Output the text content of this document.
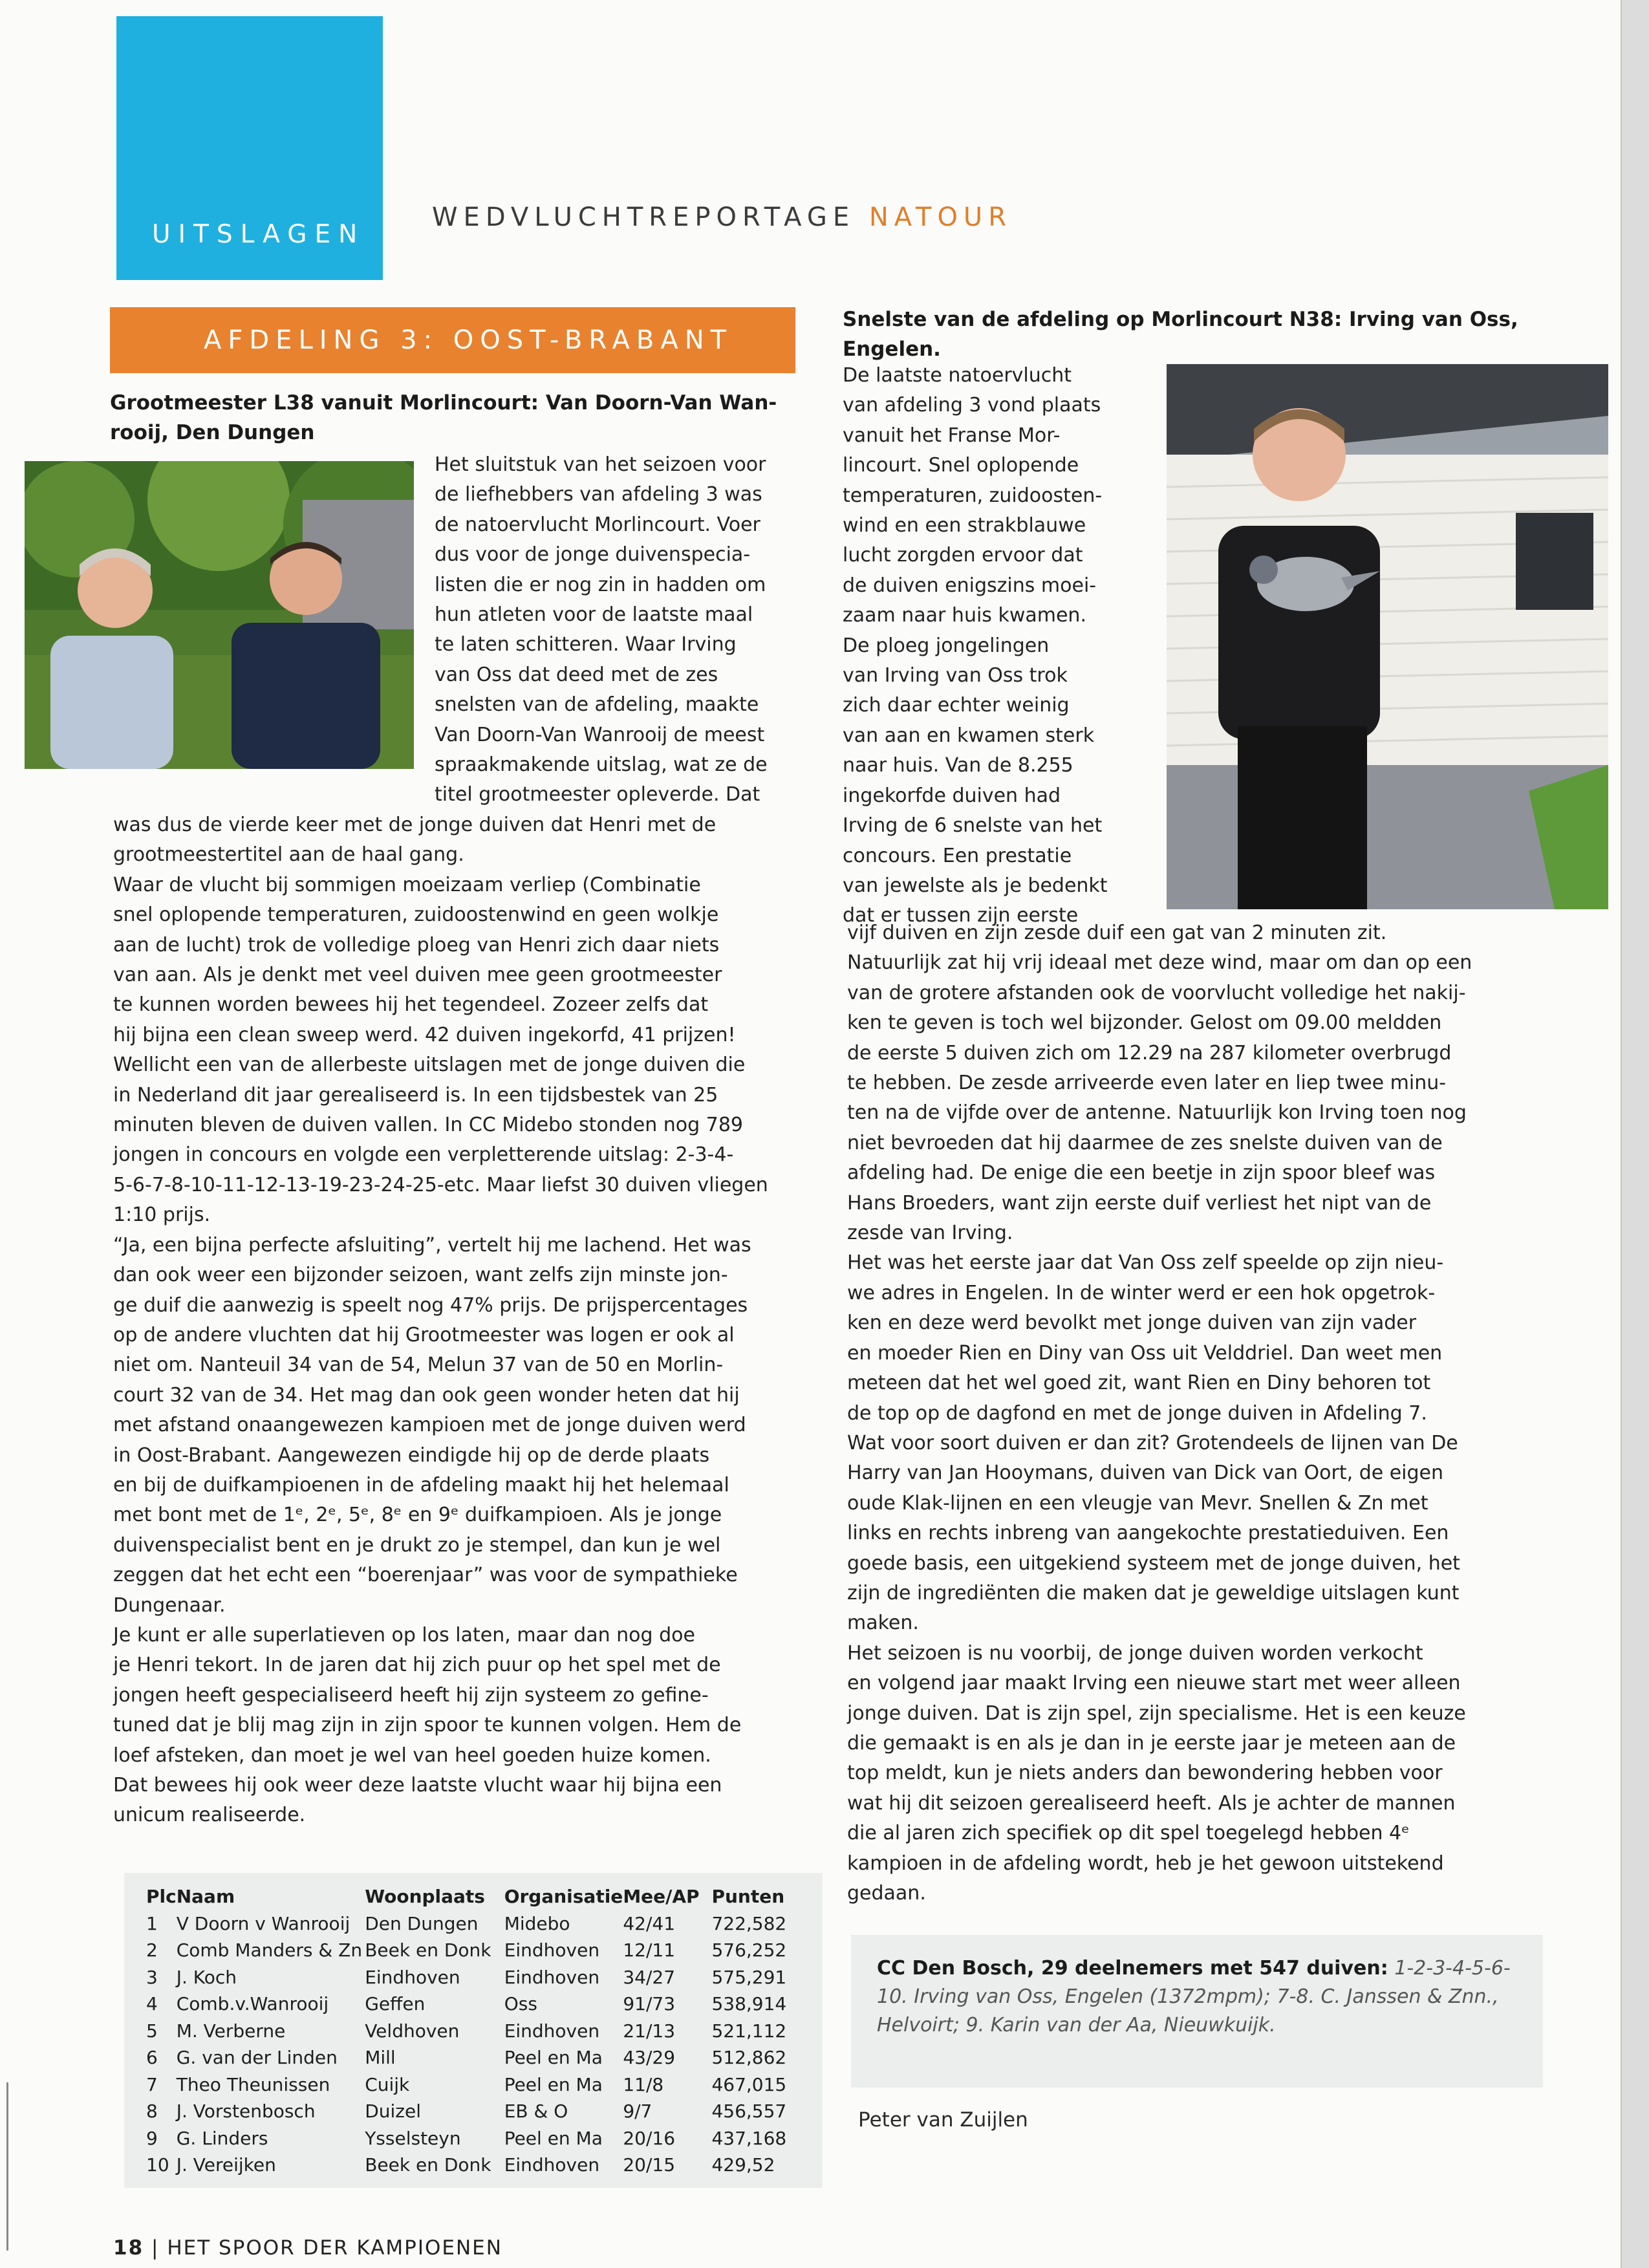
UITSLAGEN
WEDVLUCHTREPORTAGE NATOUR
AFDELING 3: OOST-BRABANT
Grootmeester L38 vanuit Morlincourt: Van Doorn-Van Wan-
rooij, Den Dungen
Het sluitstuk van het seizoen voor
de liefhebbers van afdeling 3 was
de natoervlucht Morlincourt. Voer
dus voor de jonge duivenspecia-
listen die er nog zin in hadden om
hun atleten voor de laatste maal
te laten schitteren. Waar Irving
van Oss dat deed met de zes
snelsten van de afdeling, maakte
Van Doorn-Van Wanrooij de meest
spraakmakende uitslag, wat ze de
titel grootmeester opleverde. Dat
was dus de vierde keer met de jonge duiven dat Henri met de
grootmeestertitel aan de haal gang.
Waar de vlucht bij sommigen moeizaam verliep (Combinatie
snel oplopende temperaturen, zuidoostenwind en geen wolkje
aan de lucht) trok de volledige ploeg van Henri zich daar niets
van aan. Als je denkt met veel duiven mee geen grootmeester
te kunnen worden bewees hij het tegendeel. Zozeer zelfs dat
hij bijna een clean sweep werd. 42 duiven ingekorfd, 41 prijzen!
Wellicht een van de allerbeste uitslagen met de jonge duiven die
in Nederland dit jaar gerealiseerd is. In een tijdsbestek van 25
minuten bleven de duiven vallen. In CC Midebo stonden nog 789
jongen in concours en volgde een verpletterende uitslag: 2-3-4-
5-6-7-8-10-11-12-13-19-23-24-25-etc. Maar liefst 30 duiven vliegen
1:10 prijs.
“Ja, een bijna perfecte afsluiting”, vertelt hij me lachend. Het was
dan ook weer een bijzonder seizoen, want zelfs zijn minste jon-
ge duif die aanwezig is speelt nog 47% prijs. De prijspercentages
op de andere vluchten dat hij Grootmeester was logen er ook al
niet om. Nanteuil 34 van de 54, Melun 37 van de 50 en Morlin-
court 32 van de 34. Het mag dan ook geen wonder heten dat hij
met afstand onaangewezen kampioen met de jonge duiven werd
in Oost-Brabant. Aangewezen eindigde hij op de derde plaats
en bij de duifkampioenen in de afdeling maakt hij het helemaal
met bont met de 1ᵉ, 2ᵉ, 5ᵉ, 8ᵉ en 9ᵉ duifkampioen. Als je jonge
duivenspecialist bent en je drukt zo je stempel, dan kun je wel
zeggen dat het echt een “boerenjaar” was voor de sympathieke
Dungenaar.
Je kunt er alle superlatieven op los laten, maar dan nog doe
je Henri tekort. In de jaren dat hij zich puur op het spel met de
jongen heeft gespecialiseerd heeft hij zijn systeem zo gefine-
tuned dat je blij mag zijn in zijn spoor te kunnen volgen. Hem de
loef afsteken, dan moet je wel van heel goeden huize komen.
Dat bewees hij ook weer deze laatste vlucht waar hij bijna een
unicum realiseerde.
Plc	Naam	Woonplaats	Organisatie	Mee/AP	Punten
1	V Doorn v Wanrooij	Den Dungen	Midebo	42/41	722,582
2	Comb Manders & Zn	Beek en Donk	Eindhoven	12/11	576,252
3	J. Koch	Eindhoven	Eindhoven	34/27	575,291
4	Comb.v.Wanrooij	Geffen	Oss	91/73	538,914
5	M. Verberne	Veldhoven	Eindhoven	21/13	521,112
6	G. van der Linden	Mill	Peel en Ma	43/29	512,862
7	Theo Theunissen	Cuijk	Peel en Ma	11/8	467,015
8	J. Vorstenbosch	Duizel	EB & O	9/7	456,557
9	G. Linders	Ysselsteyn	Peel en Ma	20/16	437,168
10	J. Vereijken	Beek en Donk	Eindhoven	20/15	429,52
Snelste van de afdeling op Morlincourt N38: Irving van Oss,
Engelen.
De laatste natoervlucht
van afdeling 3 vond plaats
vanuit het Franse Mor-
lincourt. Snel oplopende
temperaturen, zuidoosten-
wind en een strakblauwe
lucht zorgden ervoor dat
de duiven enigszins moei-
zaam naar huis kwamen.
De ploeg jongelingen
van Irving van Oss trok
zich daar echter weinig
van aan en kwamen sterk
naar huis. Van de 8.255
ingekorfde duiven had
Irving de 6 snelste van het
concours. Een prestatie
van jewelste als je bedenkt
dat er tussen zijn eerste
vijf duiven en zijn zesde duif een gat van 2 minuten zit.
Natuurlijk zat hij vrij ideaal met deze wind, maar om dan op een
van de grotere afstanden ook de voorvlucht volledige het nakij-
ken te geven is toch wel bijzonder. Gelost om 09.00 meldden
de eerste 5 duiven zich om 12.29 na 287 kilometer overbrugd
te hebben. De zesde arriveerde even later en liep twee minu-
ten na de vijfde over de antenne. Natuurlijk kon Irving toen nog
niet bevroeden dat hij daarmee de zes snelste duiven van de
afdeling had. De enige die een beetje in zijn spoor bleef was
Hans Broeders, want zijn eerste duif verliest het nipt van de
zesde van Irving.
Het was het eerste jaar dat Van Oss zelf speelde op zijn nieu-
we adres in Engelen. In de winter werd er een hok opgetrok-
ken en deze werd bevolkt met jonge duiven van zijn vader
en moeder Rien en Diny van Oss uit Velddriel. Dan weet men
meteen dat het wel goed zit, want Rien en Diny behoren tot
de top op de dagfond en met de jonge duiven in Afdeling 7.
Wat voor soort duiven er dan zit? Grotendeels de lijnen van De
Harry van Jan Hooymans, duiven van Dick van Oort, de eigen
oude Klak-lijnen en een vleugje van Mevr. Snellen & Zn met
links en rechts inbreng van aangekochte prestatieduiven. Een
goede basis, een uitgekiend systeem met de jonge duiven, het
zijn de ingrediënten die maken dat je geweldige uitslagen kunt
maken.
Het seizoen is nu voorbij, de jonge duiven worden verkocht
en volgend jaar maakt Irving een nieuwe start met weer alleen
jonge duiven. Dat is zijn spel, zijn specialisme. Het is een keuze
die gemaakt is en als je dan in je eerste jaar je meteen aan de
top meldt, kun je niets anders dan bewondering hebben voor
wat hij dit seizoen gerealiseerd heeft. Als je achter de mannen
die al jaren zich specifiek op dit spel toegelegd hebben 4ᵉ
kampioen in de afdeling wordt, heb je het gewoon uitstekend
gedaan.

CC Den Bosch, 29 deelnemers met 547 duiven: 1-2-3-4-5-6-10. Irving van Oss, Engelen (1372mpm); 7-8. C. Janssen & Znn., Helvoirt; 9. Karin van der Aa, Nieuwkuijk.

Peter van Zuijlen
18 | HET SPOOR DER KAMPIOENEN
